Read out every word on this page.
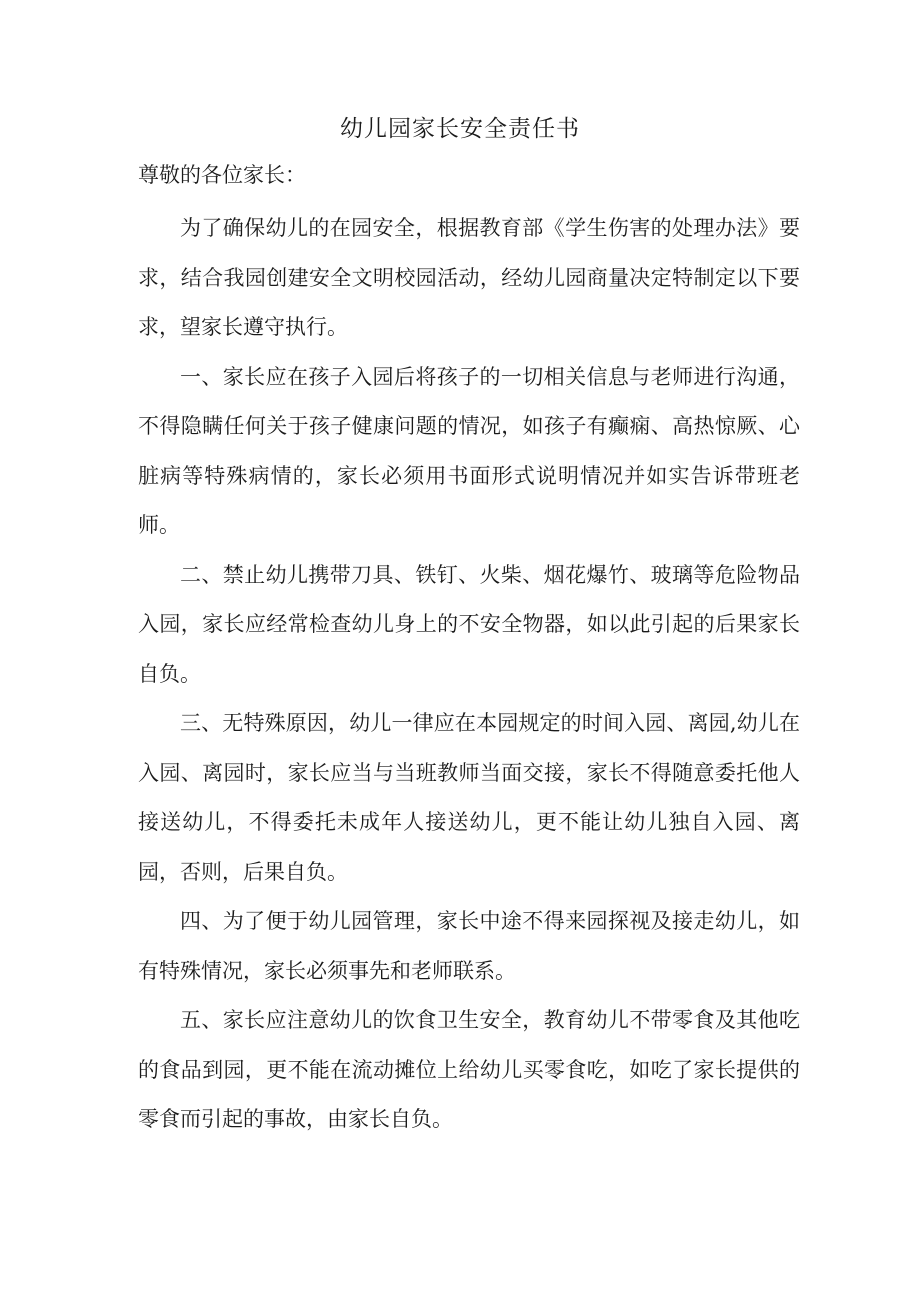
幼儿园家长安全责任书
尊敬的各位家长：

为了确保幼儿的在园安全，根据教育部《学生伤害的处理办法》要求，结合我园创建安全文明校园活动，经幼儿园商量决定特制定以下要求，望家长遵守执行。

一、家长应在孩子入园后将孩子的一切相关信息与老师进行沟通，不得隐瞒任何关于孩子健康问题的情况，如孩子有癫痫、高热惊厥、心脏病等特殊病情的，家长必须用书面形式说明情况并如实告诉带班老师。

二、禁止幼儿携带刀具、铁钉、火柴、烟花爆竹、玻璃等危险物品入园，家长应经常检查幼儿身上的不安全物器，如以此引起的后果家长自负。

三、无特殊原因，幼儿一律应在本园规定的时间入园、离园,幼儿在入园、离园时，家长应当与当班教师当面交接，家长不得随意委托他人接送幼儿，不得委托未成年人接送幼儿，更不能让幼儿独自入园、离园，否则，后果自负。

四、为了便于幼儿园管理，家长中途不得来园探视及接走幼儿，如有特殊情况，家长必须事先和老师联系。

五、家长应注意幼儿的饮食卫生安全，教育幼儿不带零食及其他吃的食品到园，更不能在流动摊位上给幼儿买零食吃，如吃了家长提供的零食而引起的事故，由家长自负。
